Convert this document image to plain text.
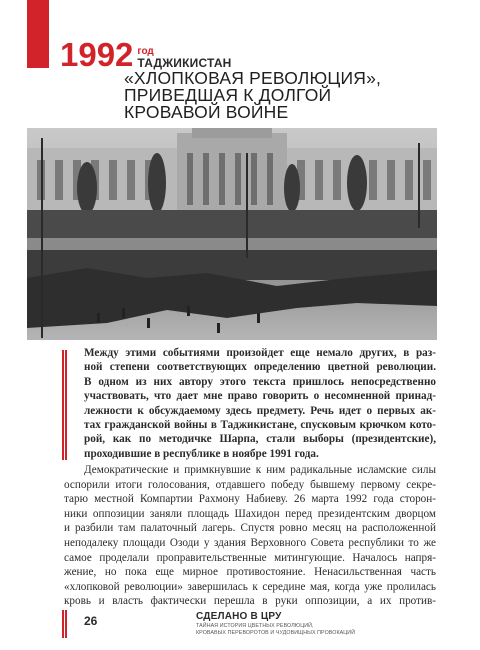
1992 год
ТАДЖИКИСТАН
«ХЛОПКОВАЯ РЕВОЛЮЦИЯ»,
ПРИВЕДШАЯ К ДОЛГОЙ
КРОВАВОЙ ВОЙНЕ

Между этими событиями произойдет еще немало других, в раз-
ной степени соответствующих определению цветной революции.
В одном из них автору этого текста пришлось непосредственно
участвовать, что дает мне право говорить о несомненной принад-
лежности к обсуждаемому здесь предмету. Речь идет о первых ак-
тах гражданской войны в Таджикистане, спусковым крючком кото-
рой, как по методичке Шарпа, стали выборы (президентские),
проходившие в республике в ноябре 1991 года.

Демократические и примкнувшие к ним радикальные исламские силы
оспорили итоги голосования, отдавшего победу бывшему первому секре-
тарю местной Компартии Рахмону Набиеву. 26 марта 1992 года сторон-
ники оппозиции заняли площадь Шахидон перед президентским дворцом
и разбили там палаточный лагерь. Спустя ровно месяц на расположенной
неподалеку площади Озоди у здания Верховного Совета республики то же
самое проделали проправительственные митингующие. Началось напря-
жение, но пока еще мирное противостояние. Ненасильственная часть
«хлопковой революции» завершилась к середине мая, когда уже пролилась кровь и власть фактически перешла в руки оппозиции, а их против-

26	СДЕЛАНО В ЦРУ
ТАЙНАЯ ИСТОРИЯ ЦВЕТНЫХ РЕВОЛЮЦИЙ,
КРОВАВЫХ ПЕРЕВОРОТОВ И ЧУДОВИЩНЫХ ПРОВОКАЦИЙ
